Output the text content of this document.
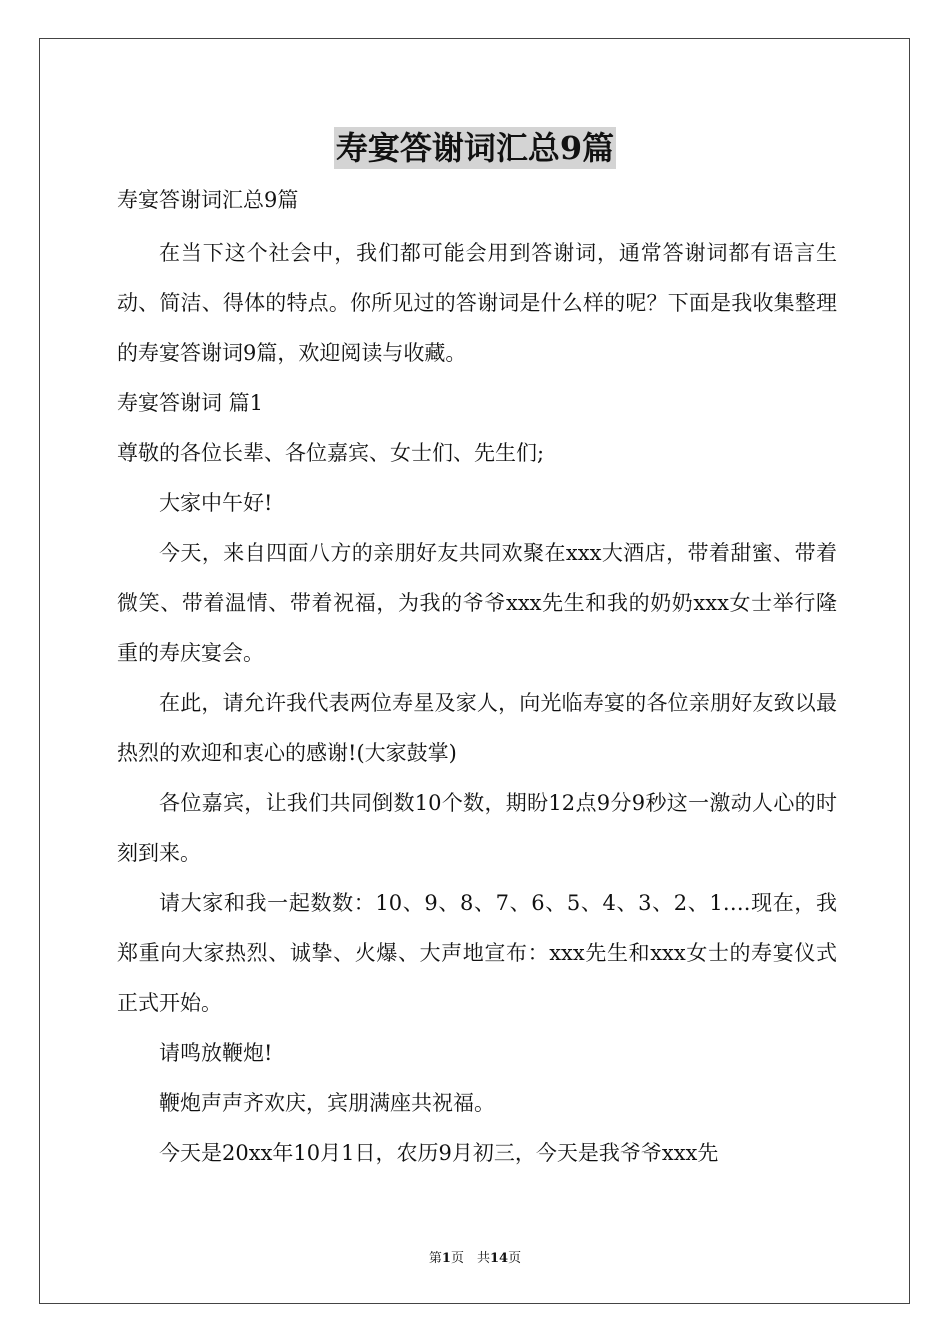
寿宴答谢词汇总9篇
寿宴答谢词汇总9篇

在当下这个社会中，我们都可能会用到答谢词，通常答谢词都有语言生动、简洁、得体的特点。你所见过的答谢词是什么样的呢？下面是我收集整理的寿宴答谢词9篇，欢迎阅读与收藏。

寿宴答谢词 篇1

尊敬的各位长辈、各位嘉宾、女士们、先生们;

大家中午好!

今天，来自四面八方的亲朋好友共同欢聚在xxx大酒店，带着甜蜜、带着微笑、带着温情、带着祝福，为我的爷爷xxx先生和我的奶奶xxx女士举行隆重的寿庆宴会。

在此，请允许我代表两位寿星及家人，向光临寿宴的各位亲朋好友致以最热烈的欢迎和衷心的感谢!(大家鼓掌)

各位嘉宾，让我们共同倒数10个数，期盼12点9分9秒这一激动人心的时刻到来。

请大家和我一起数数：10、9、8、7、6、5、4、3、2、1….现在，我郑重向大家热烈、诚挚、火爆、大声地宣布：xxx先生和xxx女士的寿宴仪式正式开始。

请鸣放鞭炮!

鞭炮声声齐欢庆，宾朋满座共祝福。

今天是20xx年10月1日，农历9月初三，今天是我爷爷xxx先

第1页　共14页
